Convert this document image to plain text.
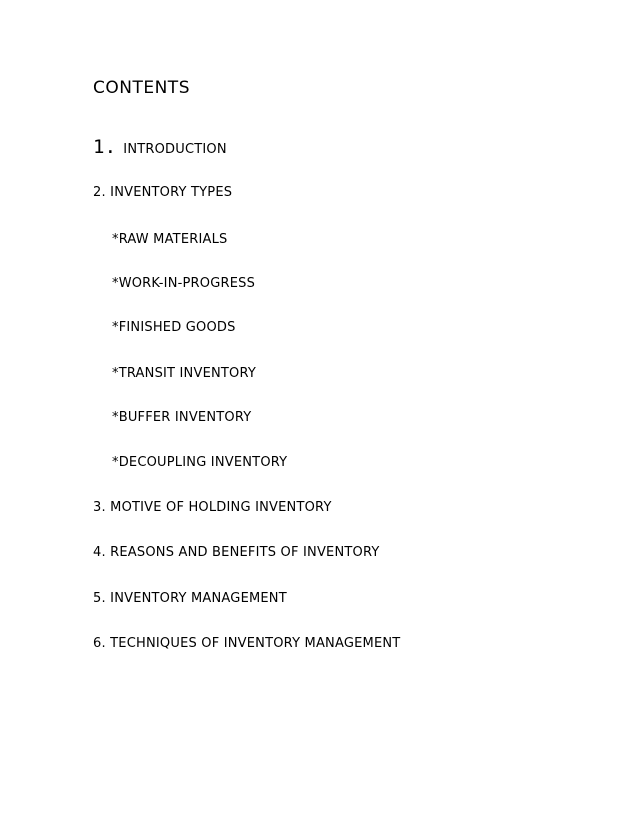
CONTENTS
1. INTRODUCTION
2. INVENTORY TYPES
*RAW MATERIALS
*WORK-IN-PROGRESS
*FINISHED GOODS
*TRANSIT INVENTORY
*BUFFER INVENTORY
*DECOUPLING INVENTORY
3. MOTIVE OF HOLDING INVENTORY
4. REASONS AND BENEFITS OF INVENTORY
5. INVENTORY MANAGEMENT
6. TECHNIQUES OF INVENTORY MANAGEMENT
